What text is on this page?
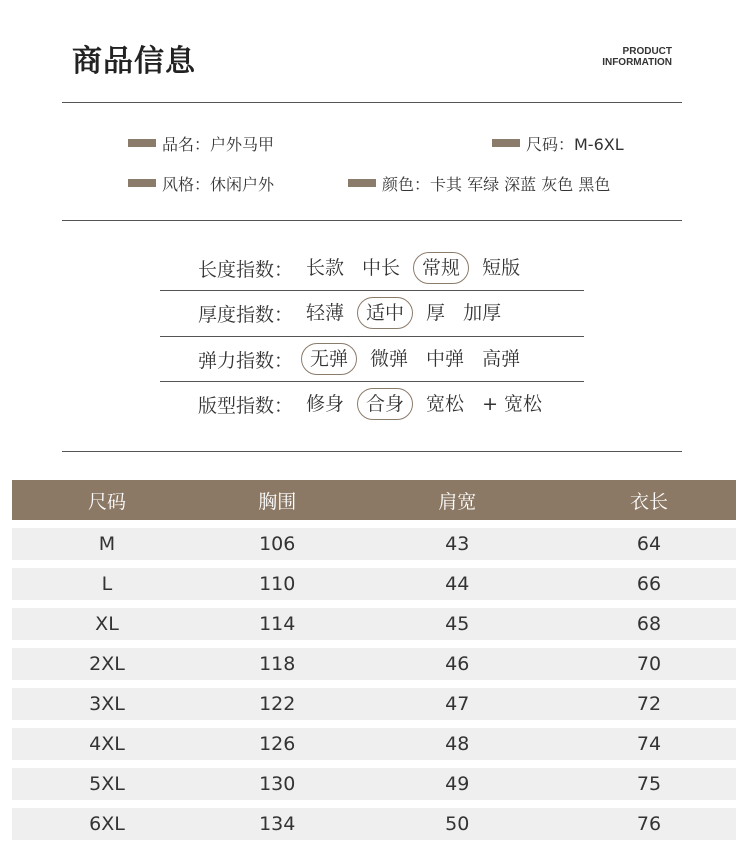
商品信息	PRODUCT
INFORMATION
品名：户外马甲	尺码：M-6XL
风格：休闲户外	颜色：卡其 军绿 深蓝 灰色 黑色
长度指数： 长款 中长	常规	短版
厚度指数： 轻薄	适中	厚 加厚
弹力指数： 无弹	微弹 中弹 高弹
版型指数： 修身	合身	宽松 + 宽松
尺码	胸围	肩宽	衣长
M	106	43	64
L	110	44	66
XL	114	45	68
2XL	118	46	70
3XL	122	47	72
4XL	126	48	74
5XL	130	49	75
6XL	134	50	76
